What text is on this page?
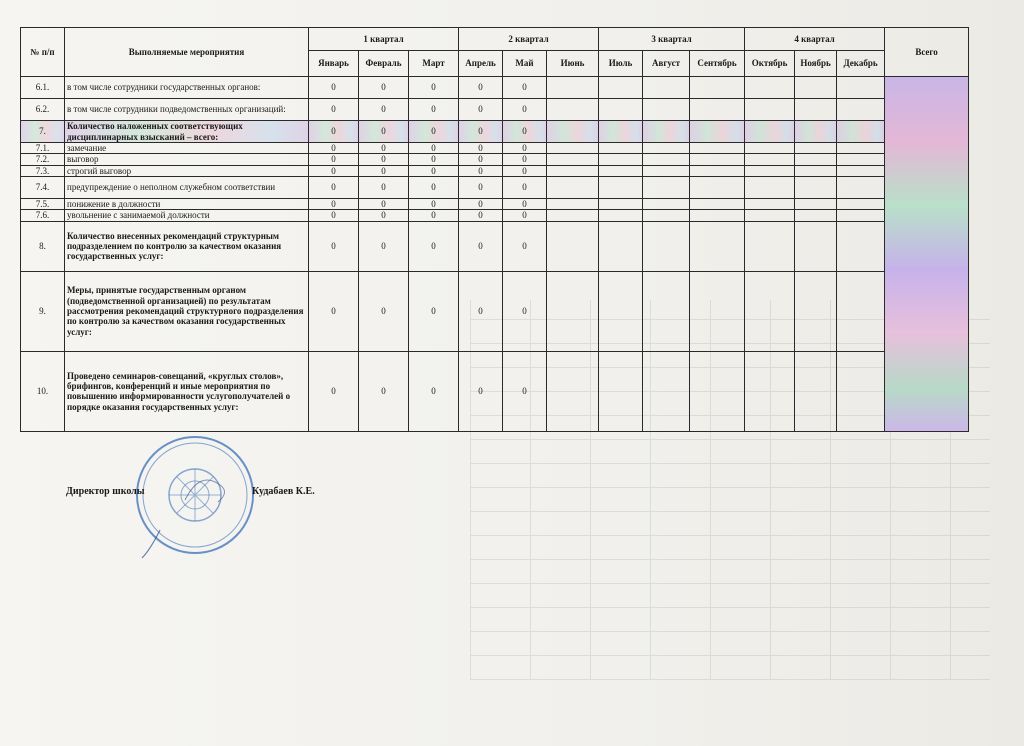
№ п/п	Выполняемые мероприятия	1 квартал			2 квартал			3 квартал			4 квартал			Всего
		Январь	Февраль	Март	Апрель	Май	Июнь	Июль	Август	Сентябрь	Октябрь	Ноябрь	Декабрь	
6.1.	в том числе сотрудники государственных органов:	0	0	0	0	0								
6.2.	в том числе сотрудники подведомственных организаций:	0	0	0	0	0								
7.	Количество наложенных соответствующих дисциплинарных взысканий – всего:	0	0	0	0	0								
7.1.	замечание	0	0	0	0	0								
7.2.	выговор	0	0	0	0	0								
7.3.	строгий выговор	0	0	0	0	0								
7.4.	предупреждение о неполном служебном соответствии	0	0	0	0	0								
7.5.	понижение в должности	0	0	0	0	0								
7.6.	увольнение с занимаемой должности	0	0	0	0	0								
8.	Количество внесенных рекомендаций структурным подразделением по контролю за качеством оказания государственных услуг:	0	0	0	0	0								
9.	Меры, принятые государственным органом (подведомственной организацией) по результатам рассмотрения рекомендаций структурного подразделения по контролю за качеством оказания государственных услуг:	0	0	0	0	0								
10.	Проведено семинаров-совещаний, «круглых столов», брифингов, конференций и иные мероприятия по повышению информированности услугополучателей о порядке оказания государственных услуг:	0	0	0	0	0								
Директор школы	Кудабаев К.Е.
